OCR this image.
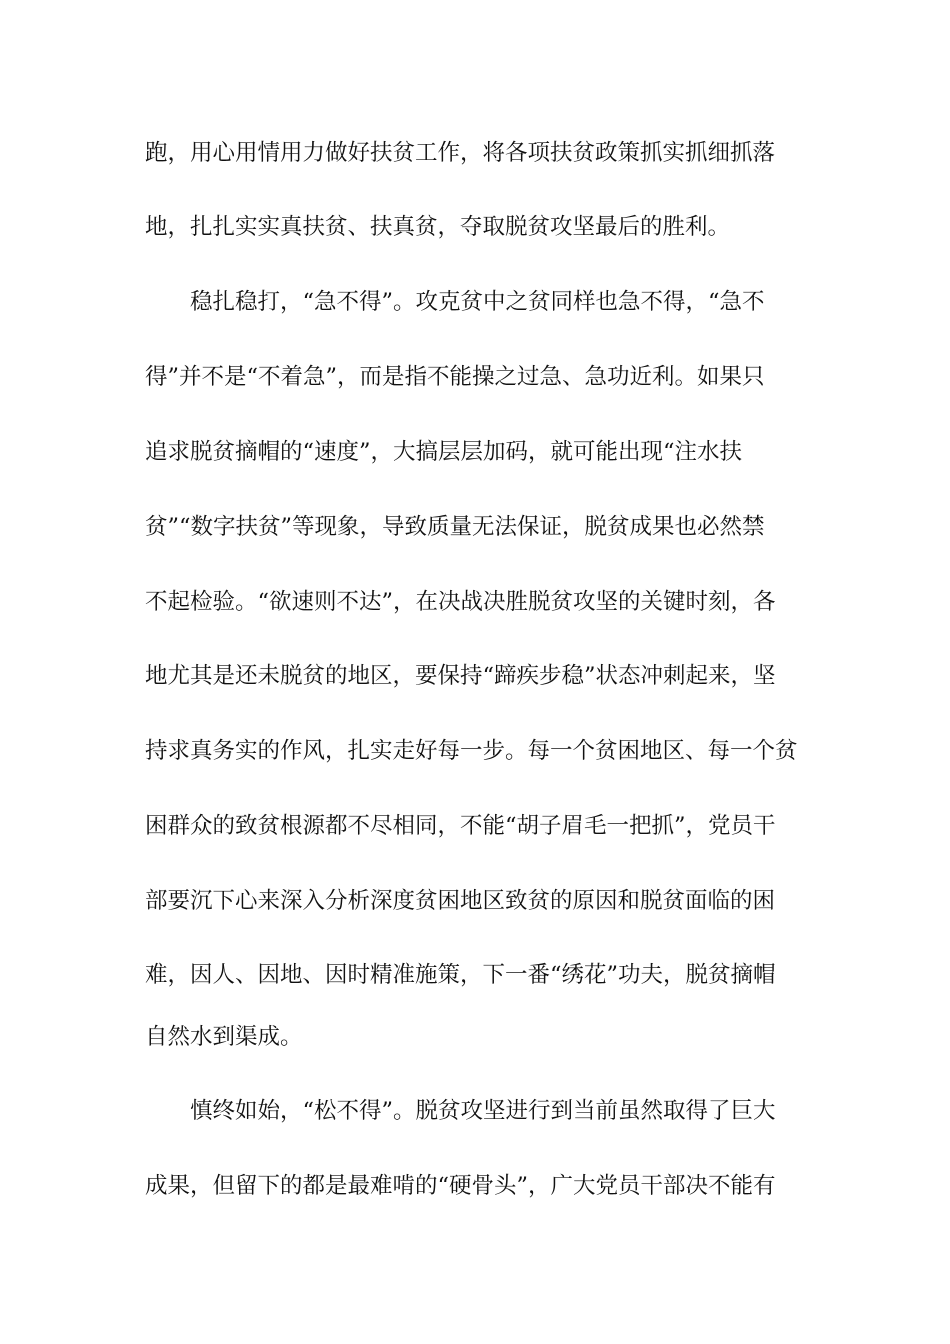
跑，用心用情用力做好扶贫工作，将各项扶贫政策抓实抓细抓落
地，扎扎实实真扶贫、扶真贫，夺取脱贫攻坚最后的胜利。
稳扎稳打，“急不得”。攻克贫中之贫同样也急不得，“急不
得”并不是“不着急”，而是指不能操之过急、急功近利。如果只
追求脱贫摘帽的“速度”，大搞层层加码，就可能出现“注水扶
贫”“数字扶贫”等现象，导致质量无法保证，脱贫成果也必然禁
不起检验。“欲速则不达”，在决战决胜脱贫攻坚的关键时刻，各
地尤其是还未脱贫的地区，要保持“蹄疾步稳”状态冲刺起来，坚
持求真务实的作风，扎实走好每一步。每一个贫困地区、每一个贫
困群众的致贫根源都不尽相同，不能“胡子眉毛一把抓”，党员干
部要沉下心来深入分析深度贫困地区致贫的原因和脱贫面临的困
难，因人、因地、因时精准施策，下一番“绣花”功夫，脱贫摘帽
自然水到渠成。
慎终如始，“松不得”。脱贫攻坚进行到当前虽然取得了巨大
成果，但留下的都是最难啃的“硬骨头”，广大党员干部决不能有
